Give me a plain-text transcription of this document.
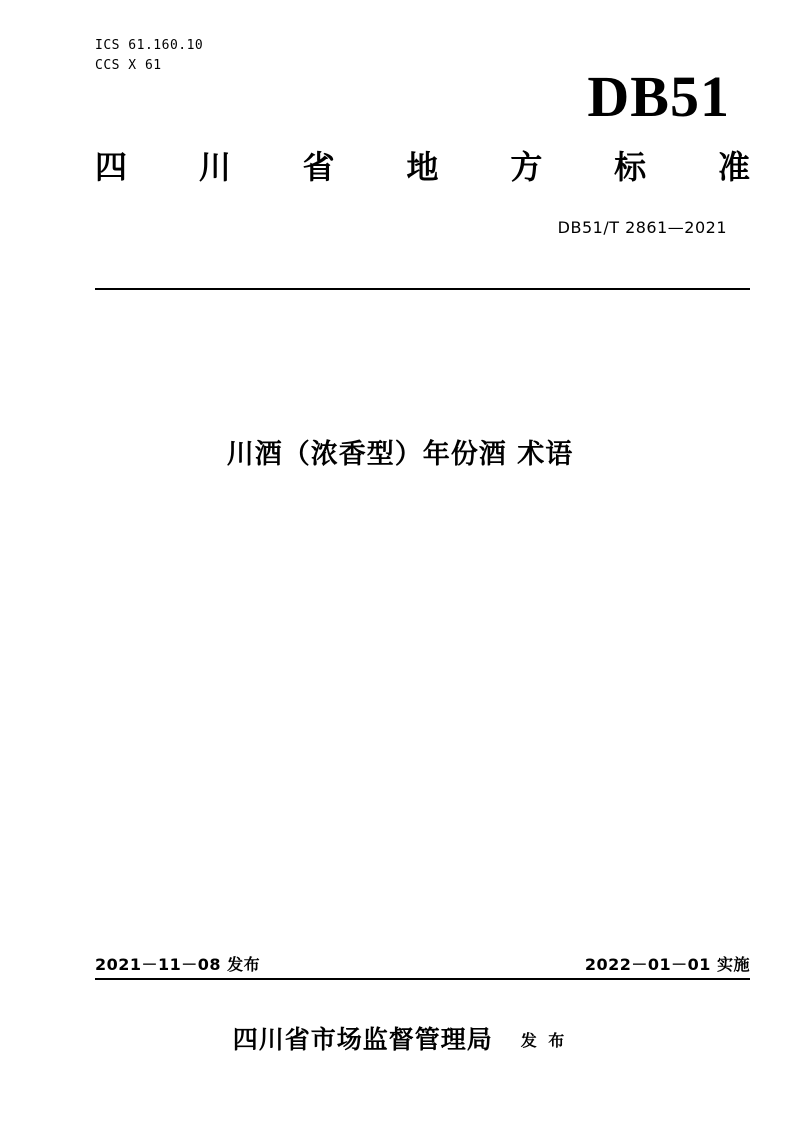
ICS 61.160.10
CCS X 61	DB51
四 川 省 地 方 标 准
DB51/T 2861—2021
川酒（浓香型）年份酒 术语
2021－11－08 发布	2022－01－01 实施
四川省市场监督管理局 发 布
